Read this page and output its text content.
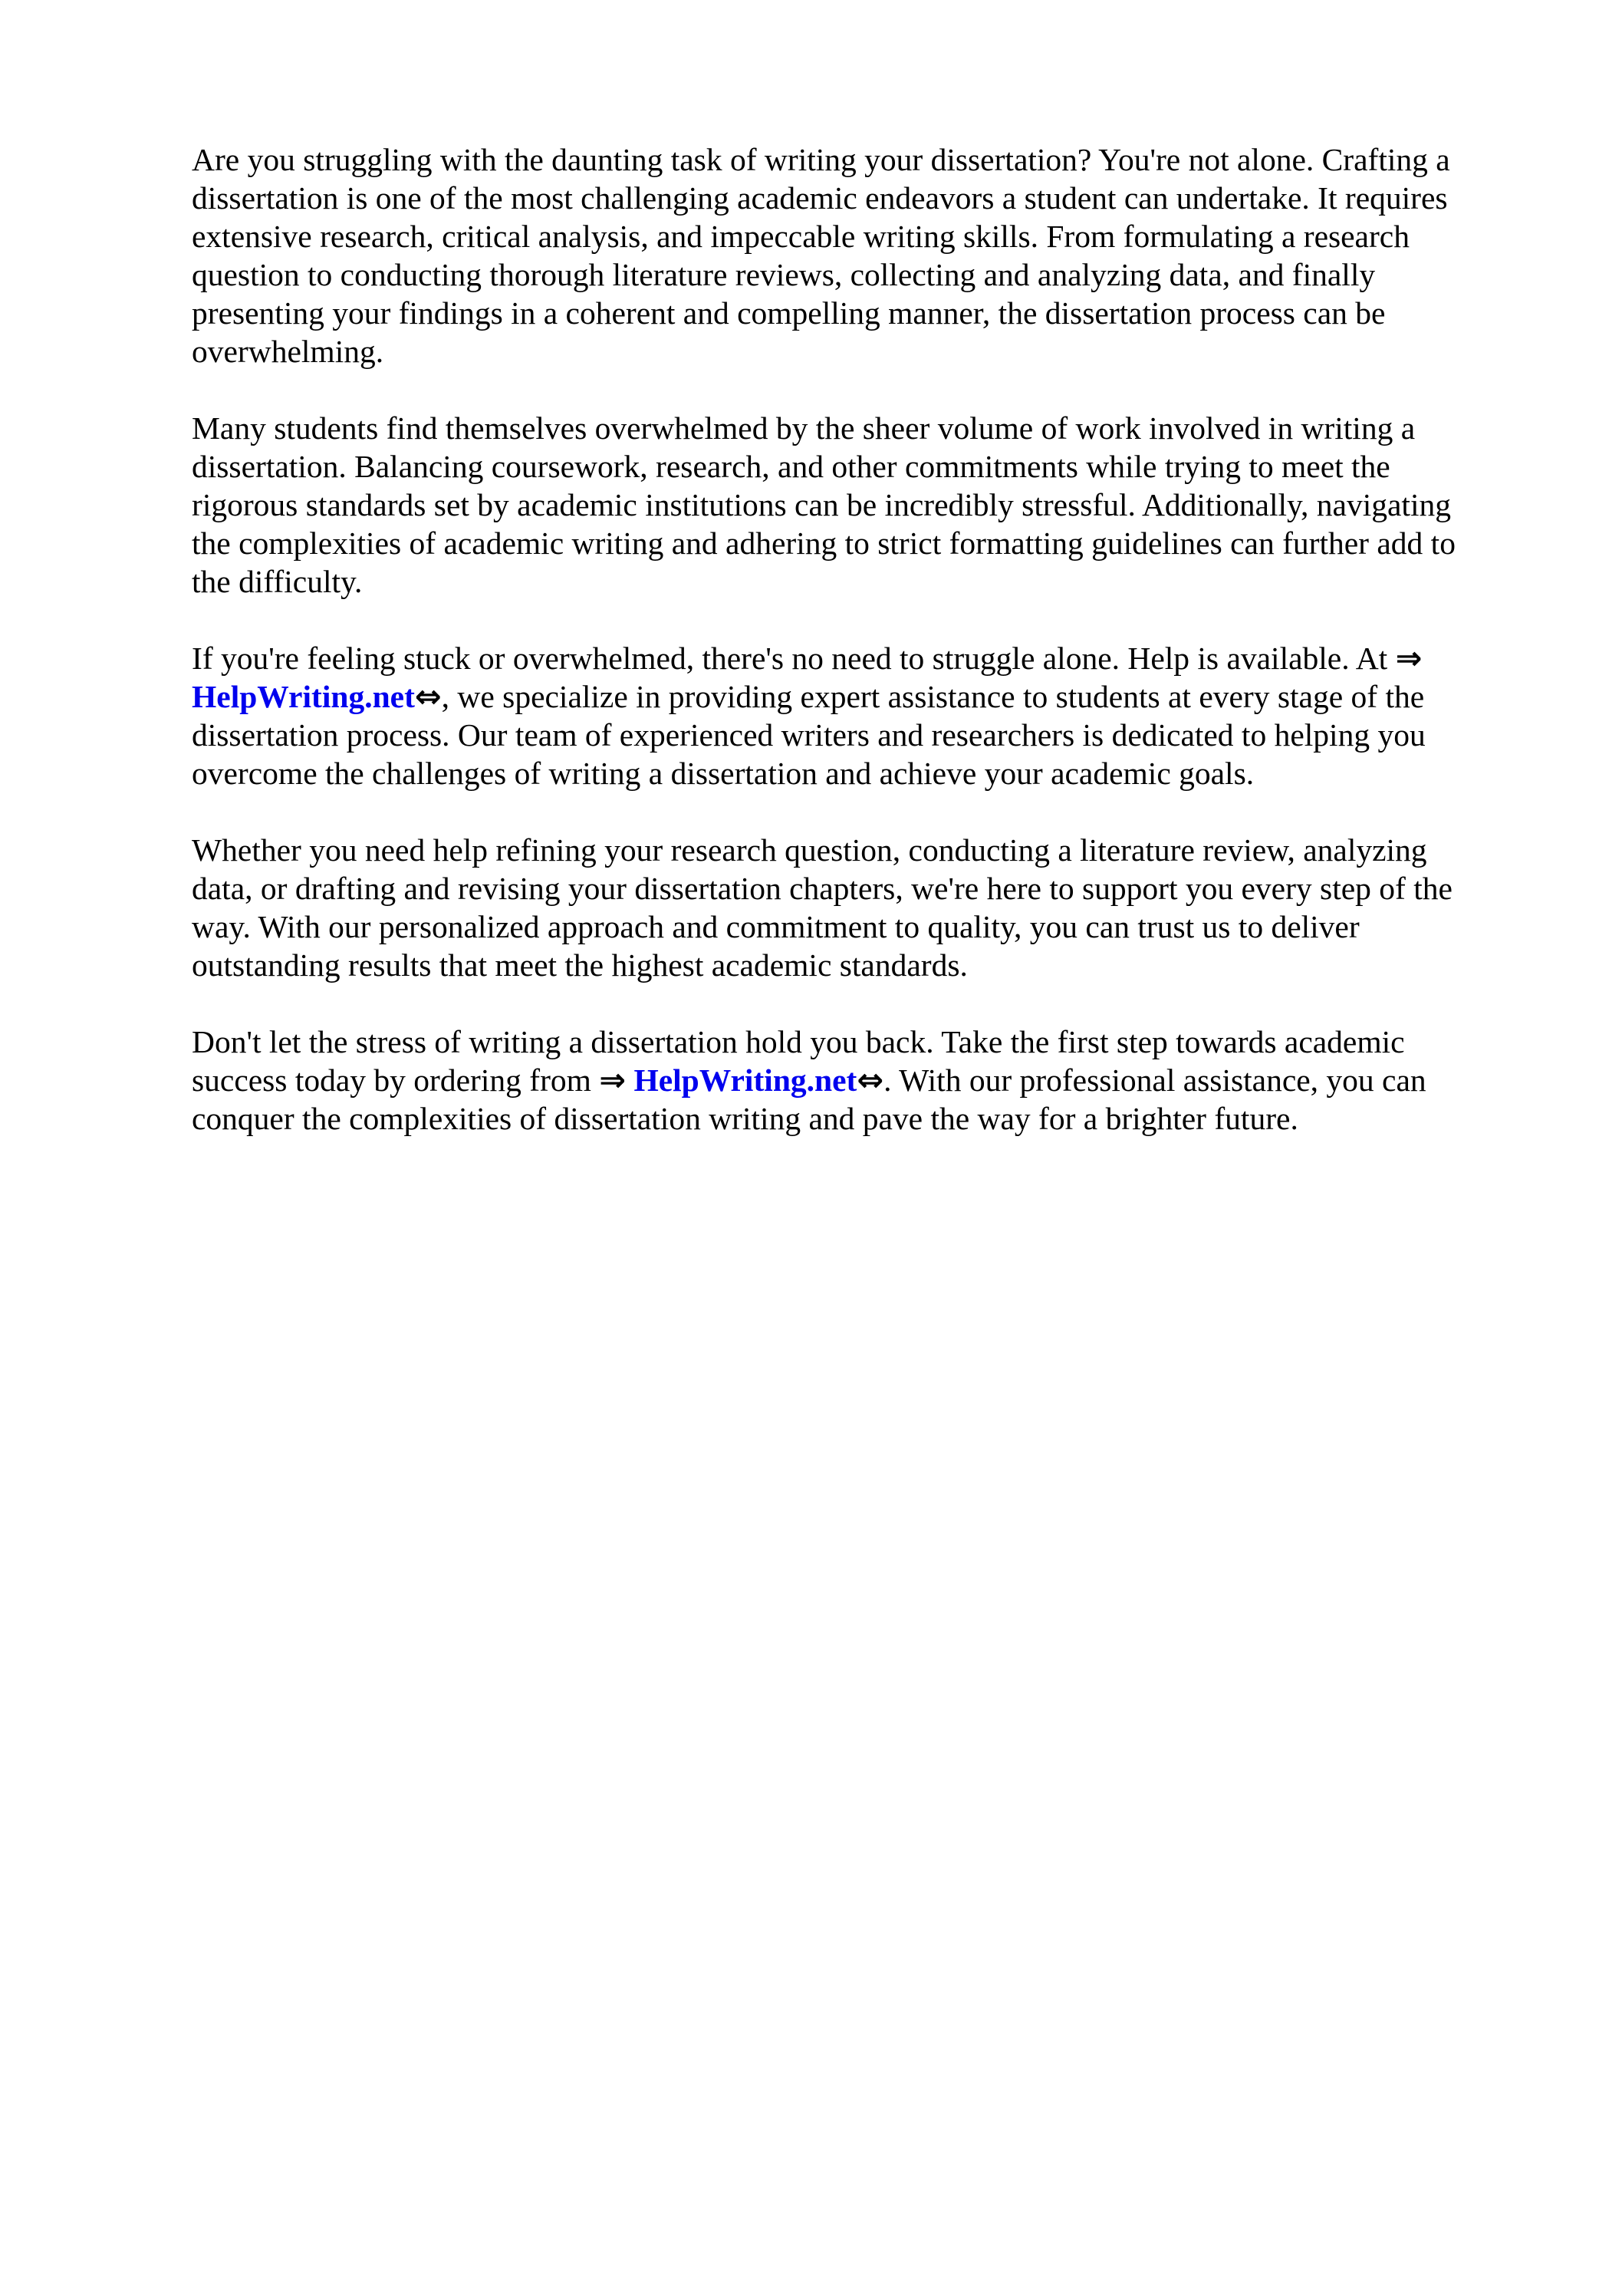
Are you struggling with the daunting task of writing your dissertation? You're not alone. Crafting a dissertation is one of the most challenging academic endeavors a student can undertake. It requires extensive research, critical analysis, and impeccable writing skills. From formulating a research question to conducting thorough literature reviews, collecting and analyzing data, and finally presenting your findings in a coherent and compelling manner, the dissertation process can be overwhelming.

Many students find themselves overwhelmed by the sheer volume of work involved in writing a dissertation. Balancing coursework, research, and other commitments while trying to meet the rigorous standards set by academic institutions can be incredibly stressful. Additionally, navigating the complexities of academic writing and adhering to strict formatting guidelines can further add to the difficulty.

If you're feeling stuck or overwhelmed, there's no need to struggle alone. Help is available. At ⇒ HelpWriting.net⇔, we specialize in providing expert assistance to students at every stage of the dissertation process. Our team of experienced writers and researchers is dedicated to helping you overcome the challenges of writing a dissertation and achieve your academic goals.

Whether you need help refining your research question, conducting a literature review, analyzing data, or drafting and revising your dissertation chapters, we're here to support you every step of the way. With our personalized approach and commitment to quality, you can trust us to deliver outstanding results that meet the highest academic standards.

Don't let the stress of writing a dissertation hold you back. Take the first step towards academic success today by ordering from ⇒ HelpWriting.net⇔. With our professional assistance, you can conquer the complexities of dissertation writing and pave the way for a brighter future.
